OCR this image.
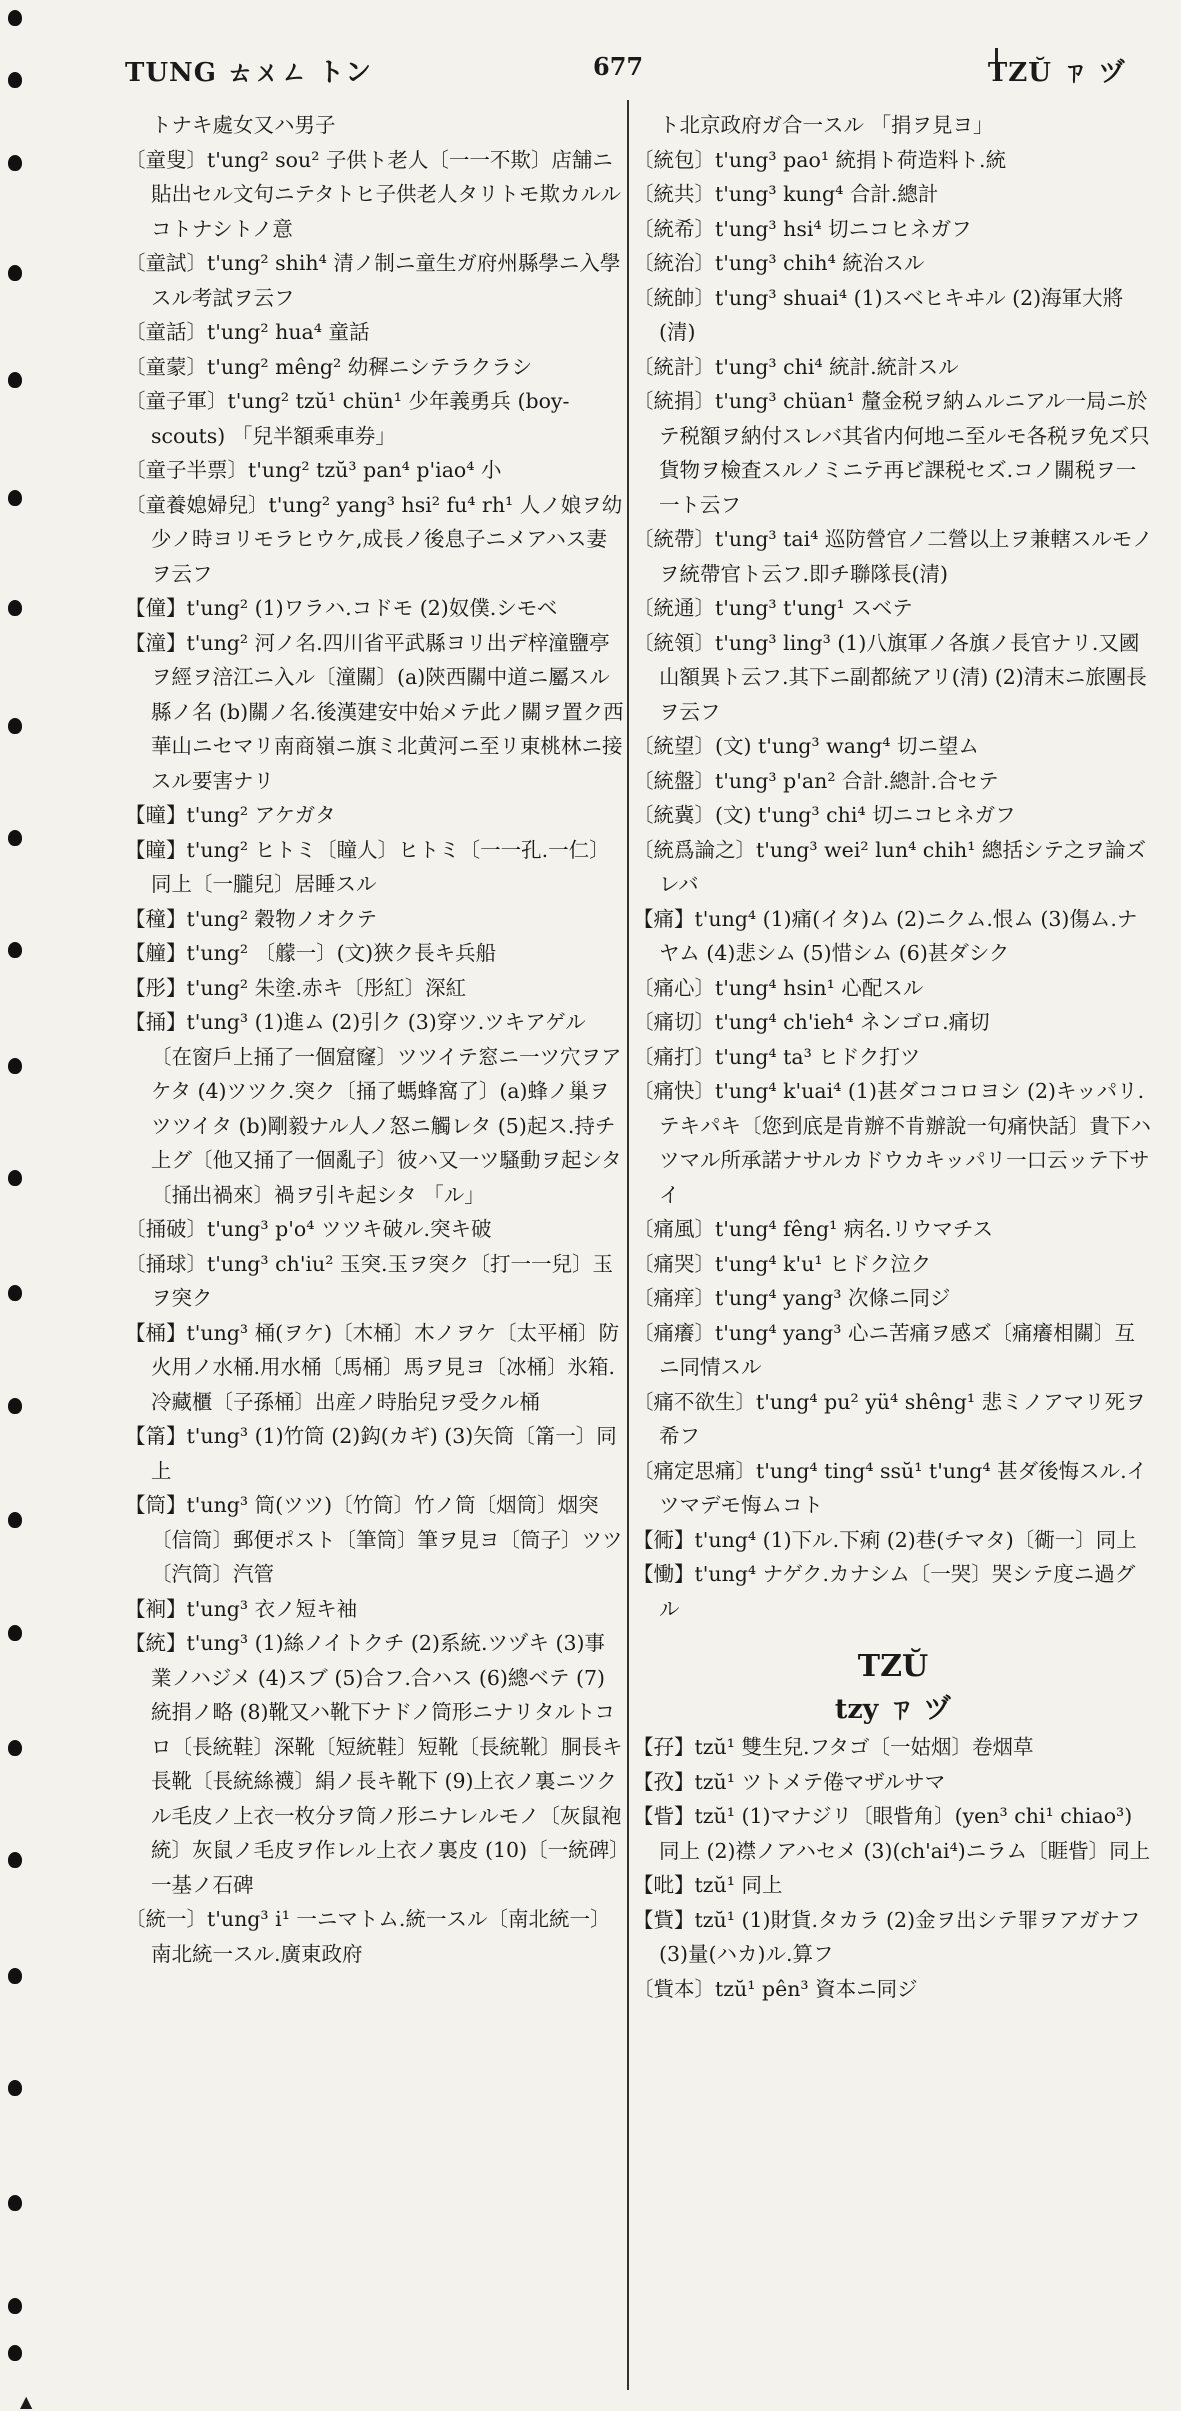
TUNG ㄊㄨㄥ トン	677	TZŬ ㄗ ヅ

トナキ處女又ハ男子

〔童叟〕t'ung² sou² 子供ト老人〔一一不欺〕店舗ニ貼出セル文句ニテタトヒ子供老人タリトモ欺カルルコトナシトノ意

〔童試〕t'ung² shih⁴ 清ノ制ニ童生ガ府州縣學ニ入學スル考試ヲ云フ

〔童話〕t'ung² hua⁴ 童話

〔童蒙〕t'ung² mêng² 幼穉ニシテラクラシ

〔童子軍〕t'ung² tzŭ¹ chün¹ 少年義勇兵 (boy-scouts) 「兒半額乘車券」

〔童子半票〕t'ung² tzŭ³ pan⁴ p'iao⁴ 小

〔童養媳婦兒〕t'ung² yang³ hsi² fu⁴ rh¹ 人ノ娘ヲ幼少ノ時ヨリモラヒウケ,成長ノ後息子ニメアハス妻ヲ云フ

【僮】t'ung² (1)ワラハ.コドモ (2)奴僕.シモベ

【潼】t'ung² 河ノ名.四川省平武縣ヨリ出デ梓潼鹽亭ヲ經ヲ涪江ニ入ル〔潼關〕(a)陝西關中道ニ屬スル縣ノ名 (b)關ノ名.後漢建安中始メテ此ノ關ヲ置ク西華山ニセマリ南商嶺ニ旗ミ北黄河ニ至リ東桃林ニ接スル要害ナリ

【曈】t'ung² アケガタ

【瞳】t'ung² ヒトミ〔瞳人〕ヒトミ〔一一孔.一仁〕同上〔一朧兒〕居睡スル

【穜】t'ung² 穀物ノオクテ

【艟】t'ung² 〔艨一〕(文)狹ク長キ兵船

【彤】t'ung² 朱塗.赤キ〔彤紅〕深紅

【捅】t'ung³ (1)進ム (2)引ク (3)穿ツ.ツキアゲル〔在窗戶上捅了一個窟窿〕ツツイテ窓ニ一ツ穴ヲアケタ (4)ツツク.突ク〔捅了螞蜂窩了〕(a)蜂ノ巢ヲツツイタ (b)剛毅ナル人ノ怒ニ觸レタ (5)起ス.持チ上グ〔他又捅了一個亂子〕彼ハ又一ツ騷動ヲ起シタ〔捅出禍來〕禍ヲ引キ起シタ 「ル」

〔捅破〕t'ung³ p'o⁴ ツツキ破ル.突キ破

〔捅球〕t'ung³ ch'iu² 玉突.玉ヲ突ク〔打一一兒〕玉ヲ突ク

【桶】t'ung³ 桶(ヲケ)〔木桶〕木ノヲケ〔太平桶〕防火用ノ水桶.用水桶〔馬桶〕馬ヲ見ヨ〔冰桶〕氷箱.冷藏櫃〔子孫桶〕出産ノ時胎兒ヲ受クル桶

【筩】t'ung³ (1)竹筒 (2)鈎(カギ) (3)矢筒〔筩一〕同上

【筒】t'ung³ 筒(ツツ)〔竹筒〕竹ノ筒〔烟筒〕烟突〔信筒〕郵便ポスト〔筆筒〕筆ヲ見ヨ〔筒子〕ツツ〔汽筒〕汽管

【裥】t'ung³ 衣ノ短キ袖

【統】t'ung³ (1)絲ノイトクチ (2)系統.ツヅキ (3)事業ノハジメ (4)スブ (5)合フ.合ハス (6)總ベテ (7)統捐ノ略 (8)靴又ハ靴下ナドノ筒形ニナリタルトコロ〔長統鞋〕深靴〔短統鞋〕短靴〔長統靴〕胴長キ長靴〔長統絲襪〕絹ノ長キ靴下 (9)上衣ノ裏ニツクル毛皮ノ上衣一枚分ヲ筒ノ形ニナレルモノ〔灰鼠袍統〕灰鼠ノ毛皮ヲ作レル上衣ノ裏皮 (10)〔一統碑〕一基ノ石碑

〔統一〕t'ung³ i¹ 一ニマトム.統一スル〔南北統一〕南北統一スル.廣東政府

ト北京政府ガ合一スル 「捐ヲ見ヨ」

〔統包〕t'ung³ pao¹ 統捐ト荷造料ト.統

〔統共〕t'ung³ kung⁴ 合計.總計

〔統希〕t'ung³ hsi⁴ 切ニコヒネガフ

〔統治〕t'ung³ chih⁴ 統治スル

〔統帥〕t'ung³ shuai⁴ (1)スベヒキヰル (2)海軍大將(清)

〔統計〕t'ung³ chi⁴ 統計.統計スル

〔統捐〕t'ung³ chüan¹ 釐金税ヲ納ムルニアル一局ニ於テ税額ヲ納付スレバ其省内何地ニ至ルモ各税ヲ免ズ只貨物ヲ檢査スルノミニテ再ビ課税セズ.コノ關税ヲ一一ト云フ

〔統帶〕t'ung³ tai⁴ 巡防營官ノ二營以上ヲ兼轄スルモノヲ統帶官ト云フ.即チ聯隊長(清)

〔統通〕t'ung³ t'ung¹ スベテ

〔統領〕t'ung³ ling³ (1)八旗軍ノ各旗ノ長官ナリ.又國山額異ト云フ.其下ニ副都統アリ(清) (2)清末ニ旅團長ヲ云フ

〔統望〕(文) t'ung³ wang⁴ 切ニ望ム

〔統盤〕t'ung³ p'an² 合計.總計.合セテ

〔統冀〕(文) t'ung³ chi⁴ 切ニコヒネガフ

〔統爲論之〕t'ung³ wei² lun⁴ chih¹ 總括シテ之ヲ論ズレバ

【痛】t'ung⁴ (1)痛(イタ)ム (2)ニクム.恨ム (3)傷ム.ナヤム (4)悲シム (5)惜シム (6)甚ダシク

〔痛心〕t'ung⁴ hsin¹ 心配スル

〔痛切〕t'ung⁴ ch'ieh⁴ ネンゴロ.痛切

〔痛打〕t'ung⁴ ta³ ヒドク打ツ

〔痛快〕t'ung⁴ k'uai⁴ (1)甚ダココロヨシ (2)キッパリ.テキパキ〔您到底是肯辦不肯辦說一句痛快話〕貴下ハツマル所承諾ナサルカドウカキッパリ一口云ッテ下サイ

〔痛風〕t'ung⁴ fêng¹ 病名.リウマチス

〔痛哭〕t'ung⁴ k'u¹ ヒドク泣ク

〔痛痒〕t'ung⁴ yang³ 次條ニ同ジ

〔痛癢〕t'ung⁴ yang³ 心ニ苦痛ヲ感ズ〔痛癢相關〕互ニ同情スル

〔痛不欲生〕t'ung⁴ pu² yü⁴ shêng¹ 悲ミノアマリ死ヲ希フ

〔痛定思痛〕t'ung⁴ ting⁴ ssŭ¹ t'ung⁴ 甚ダ後悔スル.イツマデモ悔ムコト

【衕】t'ung⁴ (1)下ル.下痢 (2)巷(チマタ)〔衚一〕同上

【慟】t'ung⁴ ナゲク.カナシム〔一哭〕哭シテ度ニ過グル

TZŬ

tzy ㄗ ヅ

【孖】tzŭ¹ 雙生兒.フタゴ〔一姑烟〕卷烟草

【孜】tzŭ¹ ツトメテ倦マザルサマ

【眥】tzŭ¹ (1)マナジリ〔眼眥角〕(yen³ chi¹ chiao³) 同上 (2)襟ノアハセメ (3)(ch'ai⁴)ニラム〔睚眥〕同上

【吡】tzŭ¹ 同上

【貲】tzŭ¹ (1)財貨.タカラ (2)金ヲ出シテ罪ヲアガナフ (3)量(ハカ)ル.算フ

〔貲本〕tzŭ¹ pên³ 資本ニ同ジ

▲
